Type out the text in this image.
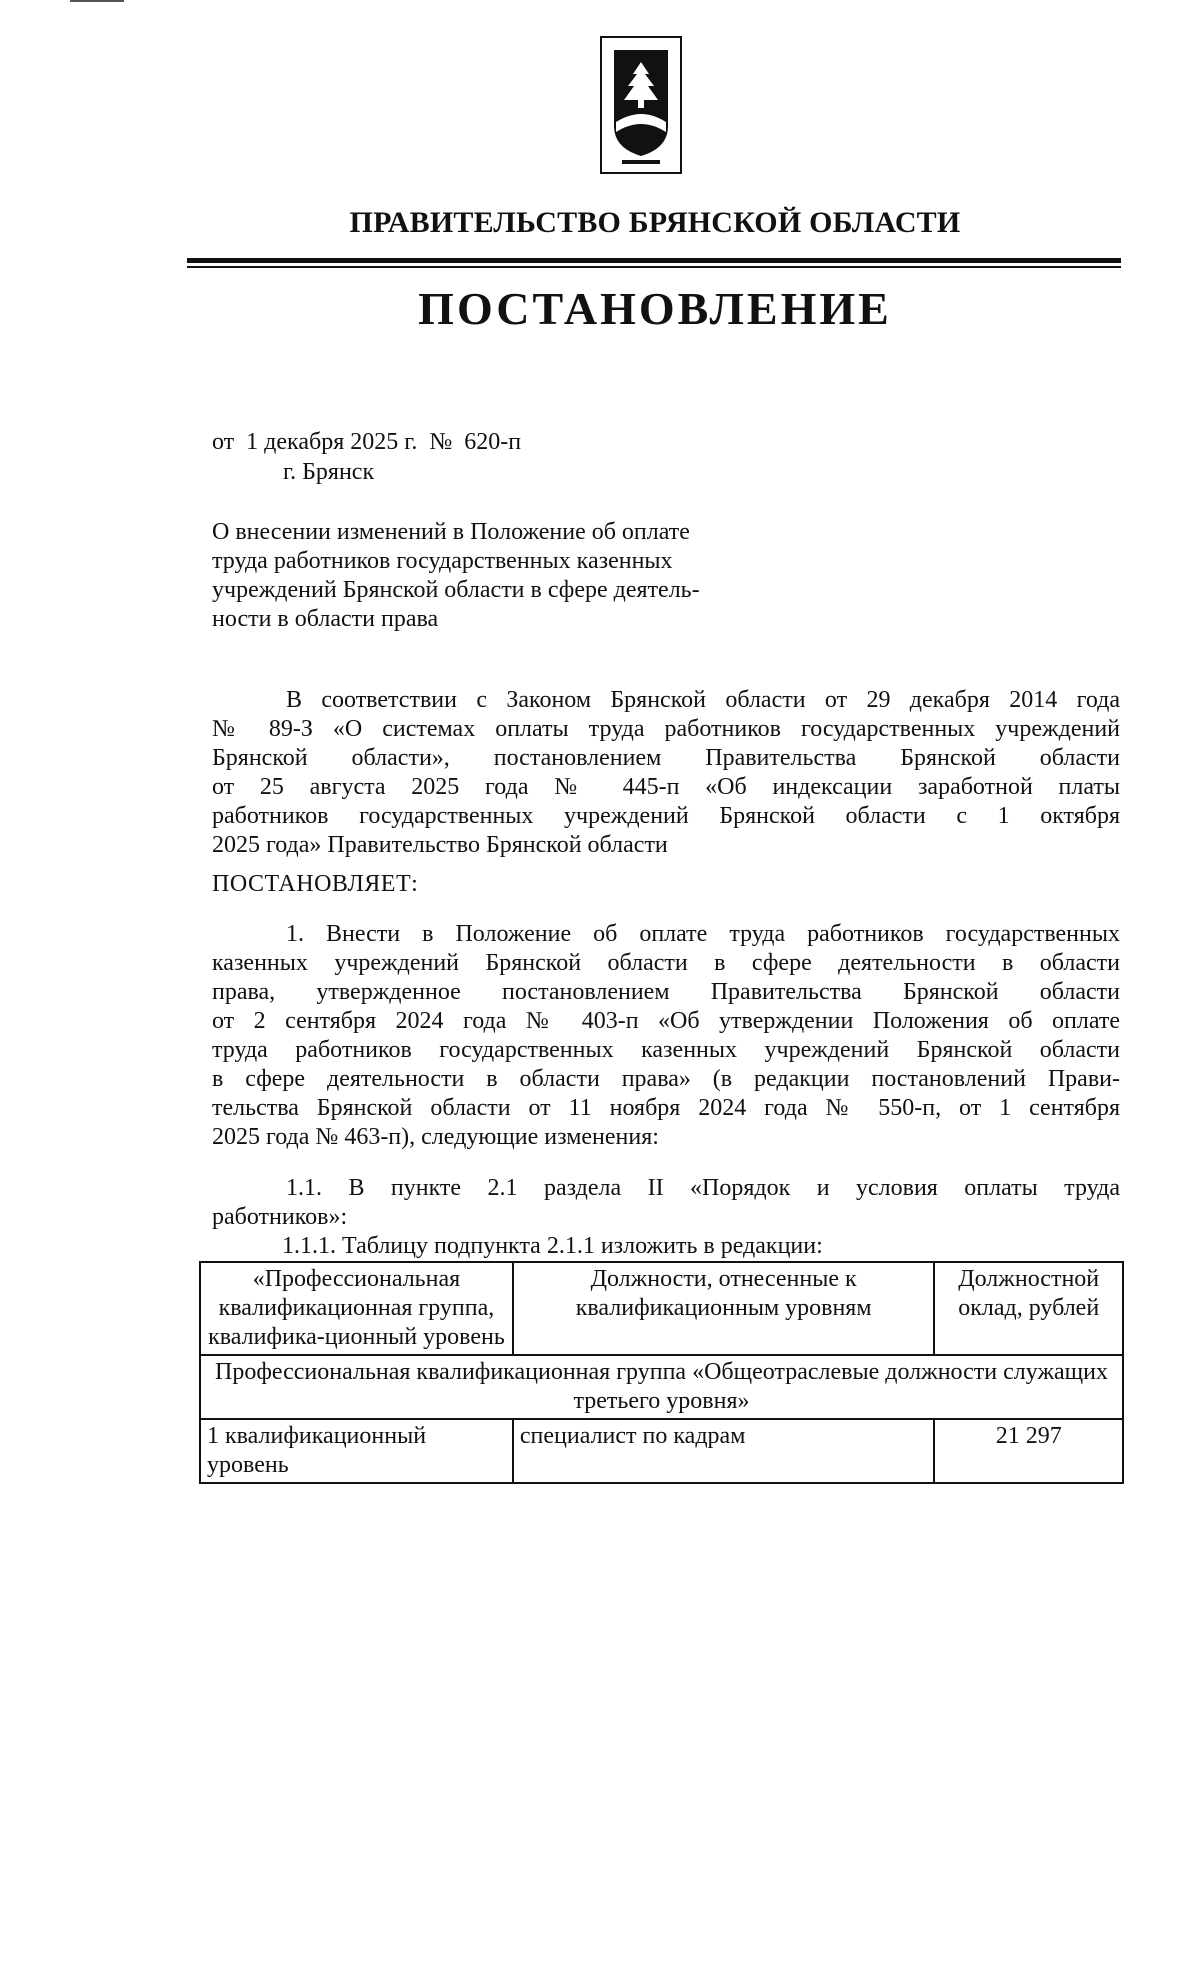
ПРАВИТЕЛЬСТВО БРЯНСКОЙ ОБЛАСТИ
ПОСТАНОВЛЕНИЕ
от  1 декабря 2025 г.  №  620-п
г. Брянск
О внесении изменений в Положение об оплате
труда работников государственных казенных
учреждений Брянской области в сфере деятель-
ности в области права
В соответствии с Законом Брянской области от 29 декабря 2014 года
№ 89-З «О системах оплаты труда работников государственных учреждений
Брянской области», постановлением Правительства Брянской области
от 25 августа 2025 года № 445-п «Об индексации заработной платы
работников государственных учреждений Брянской области с 1 октября
2025 года» Правительство Брянской области
ПОСТАНОВЛЯЕТ:
1. Внести в Положение об оплате труда работников государственных
казенных учреждений Брянской области в сфере деятельности в области
права, утвержденное постановлением Правительства Брянской области
от 2 сентября 2024 года № 403-п «Об утверждении Положения об оплате
труда работников государственных казенных учреждений Брянской области
в сфере деятельности в области права» (в редакции постановлений Прави-
тельства Брянской области от 11 ноября 2024 года № 550-п, от 1 сентября
2025 года № 463-п), следующие изменения:
1.1. В пункте 2.1 раздела II «Порядок и условия оплаты труда
работников»:
1.1.1. Таблицу подпункта 2.1.1 изложить в редакции:
«Профессиональная квалификационная группа, квалифика-ционный уровень	Должности, отнесенные к квалификационным уровням	Должностной оклад, рублей
Профессиональная квалификационная группа «Общеотраслевые должности служащих третьего уровня»		
1 квалификационный уровень	специалист по кадрам	21 297
